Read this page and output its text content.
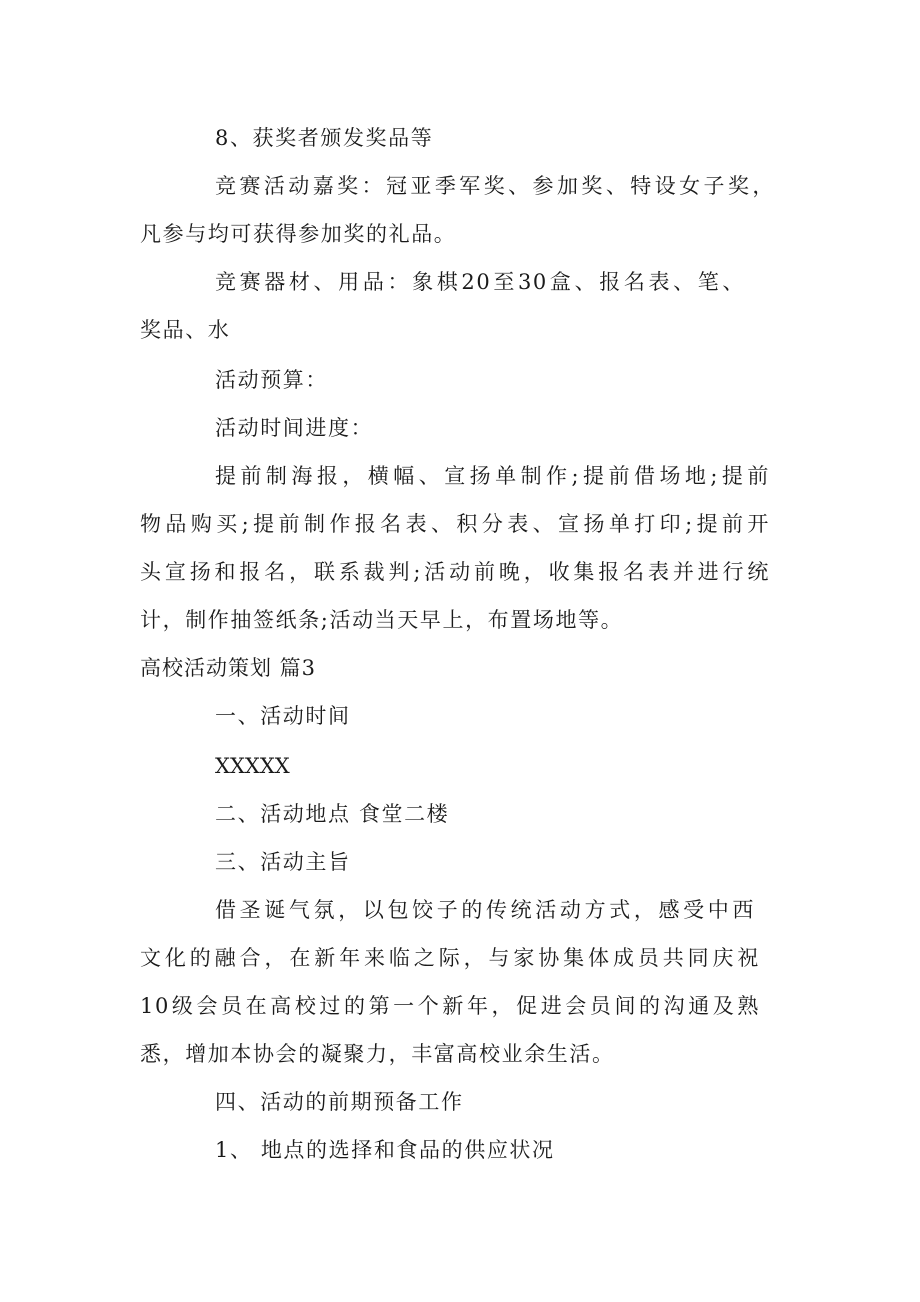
8、获奖者颁发奖品等
竞赛活动嘉奖：冠亚季军奖、参加奖、特设女子奖，
凡参与均可获得参加奖的礼品。
竞赛器材、用品：象棋20至30盒、报名表、笔、
奖品、水
活动预算：
活动时间进度：
提前制海报，横幅、宣扬单制作;提前借场地;提前
物品购买;提前制作报名表、积分表、宣扬单打印;提前开
头宣扬和报名，联系裁判;活动前晚，收集报名表并进行统
计，制作抽签纸条;活动当天早上，布置场地等。
高校活动策划 篇3
一、活动时间
XXXXX
二、活动地点 食堂二楼
三、活动主旨
借圣诞气氛，以包饺子的传统活动方式，感受中西
文化的融合，在新年来临之际，与家协集体成员共同庆祝
10级会员在高校过的第一个新年，促进会员间的沟通及熟
悉，增加本协会的凝聚力，丰富高校业余生活。
四、活动的前期预备工作
1、 地点的选择和食品的供应状况
